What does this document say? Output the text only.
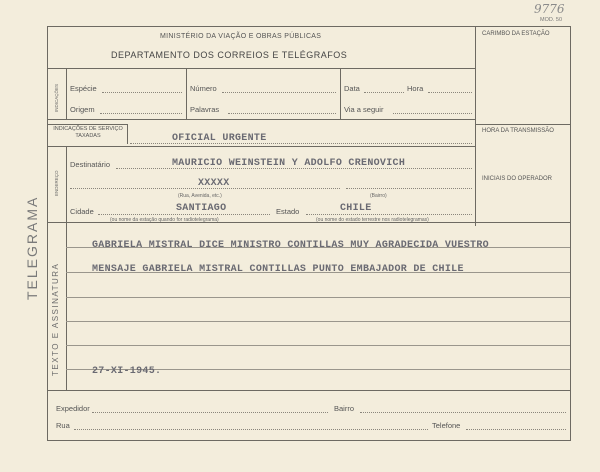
9776
MOD. 50
MINISTÉRIO DA VIAÇÃO E OBRAS PÚBLICAS
DEPARTAMENTO DOS CORREIOS E TELÉGRAFOS
CARIMBO DA ESTAÇÃO
TELEGRAMA
INDICAÇÕES Espécie	Número	Data	Hora
Origem	Palavras	Via a seguir
INDICAÇÕES DE SERVIÇO TAXADAS	OFICIAL URGENTE
HORA DA TRANSMISSÃO
INICIAIS DO OPERADOR
ENDEREÇO
Destinatário	MAURICIO WEINSTEIN Y ADOLFO CRENOVICH
XXXXX
(Rua, Avenida, etc.)	(Bairro)
Cidade	SANTIAGO	Estado	CHILE
(ou nome da estação quando for radiotelegrama)	(ou nome do estado terrestre nos radiotelegramas)
TEXTO E ASSINATURA
GABRIELA MISTRAL DICE MINISTRO CONTILLAS MUY AGRADECIDA VUESTRO
MENSAJE GABRIELA MISTRAL CONTILLAS PUNTO EMBAJADOR DE CHILE
27-XI-1945.
Expedidor	Bairro
Rua	Telefone
